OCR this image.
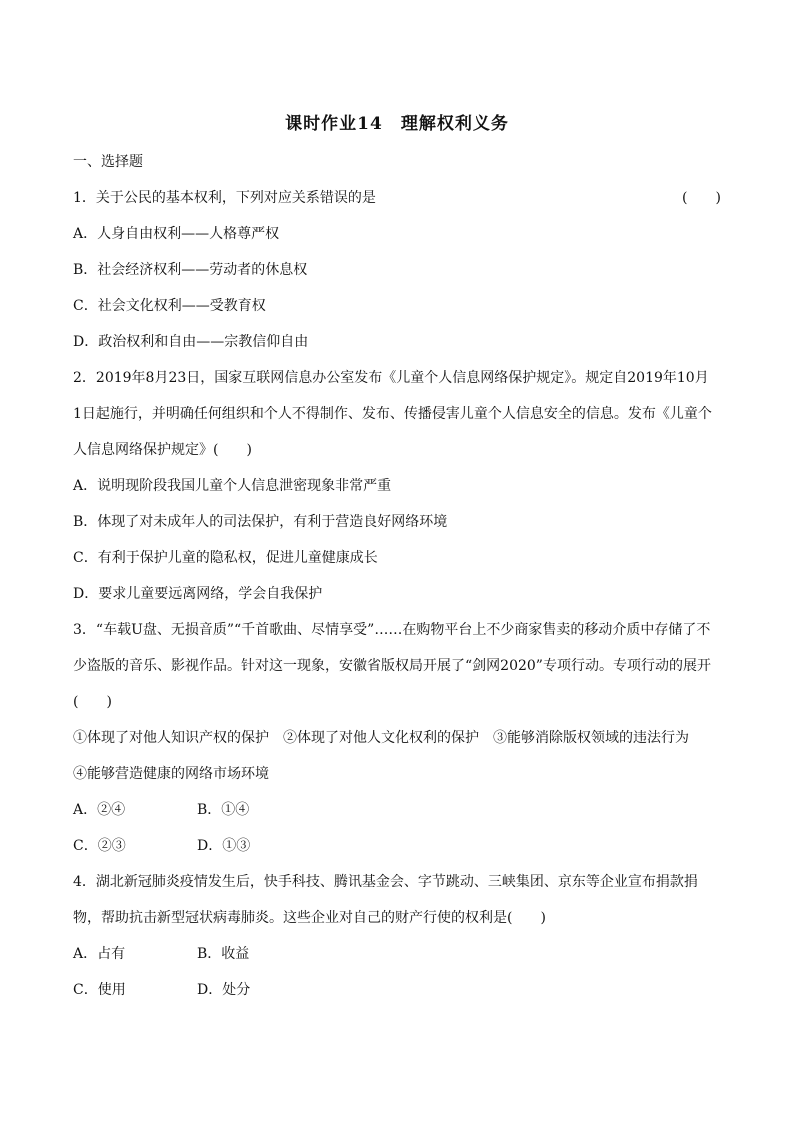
课时作业14　理解权利义务
一、选择题
1．关于公民的基本权利，下列对应关系错误的是	(　　)
A．人身自由权利——人格尊严权
B．社会经济权利——劳动者的休息权
C．社会文化权利——受教育权
D．政治权利和自由——宗教信仰自由
2．2019年8月23日，国家互联网信息办公室发布《儿童个人信息网络保护规定》。规定自2019年10月
1日起施行，并明确任何组织和个人不得制作、发布、传播侵害儿童个人信息安全的信息。发布《儿童个
人信息网络保护规定》(　　)
A．说明现阶段我国儿童个人信息泄密现象非常严重
B．体现了对未成年人的司法保护，有利于营造良好网络环境
C．有利于保护儿童的隐私权，促进儿童健康成长
D．要求儿童要远离网络，学会自我保护
3．“车载U盘、无损音质”“千首歌曲、尽情享受”……在购物平台上不少商家售卖的移动介质中存储了不
少盗版的音乐、影视作品。针对这一现象，安徽省版权局开展了“剑网2020”专项行动。专项行动的展开
(　　)
①体现了对他人知识产权的保护　②体现了对他人文化权利的保护　③能够消除版权领域的违法行为
④能够营造健康的网络市场环境
A．②④	B．①④
C．②③	D．①③
4．湖北新冠肺炎疫情发生后，快手科技、腾讯基金会、字节跳动、三峡集团、京东等企业宣布捐款捐
物，帮助抗击新型冠状病毒肺炎。这些企业对自己的财产行使的权利是(　　)
A．占有	B．收益
C．使用	D．处分
